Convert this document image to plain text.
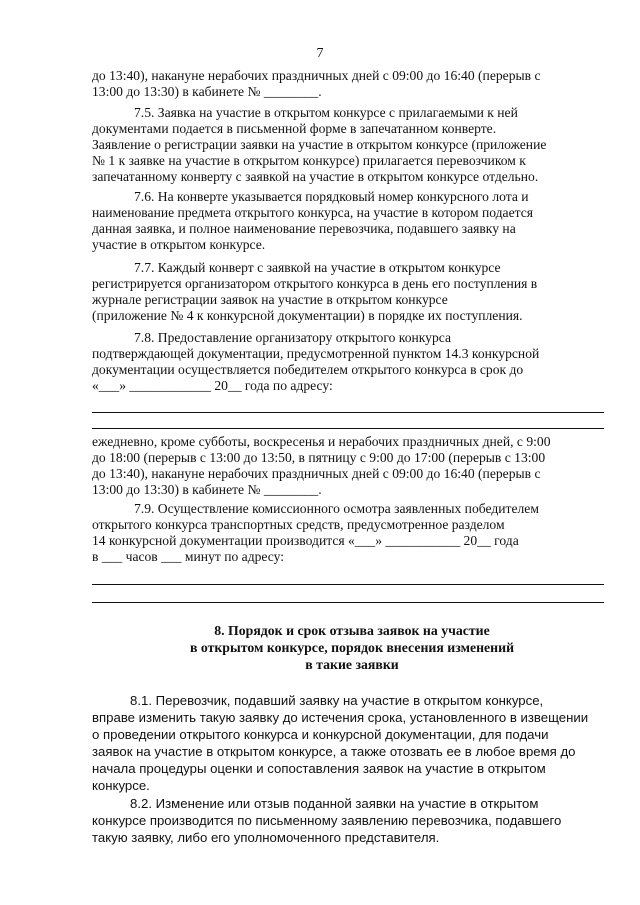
7
до 13:40), накануне нерабочих праздничных дней с 09:00 до 16:40 (перерыв с
13:00 до 13:30) в кабинете № ________.
7.5. Заявка на участие в открытом конкурсе с прилагаемыми к ней
документами подается в письменной форме в запечатанном конверте.
Заявление о регистрации заявки на участие в открытом конкурсе (приложение
№ 1 к заявке на участие в открытом конкурсе) прилагается перевозчиком к
запечатанному конверту с заявкой на участие в открытом конкурсе отдельно.
7.6. На конверте указывается порядковый номер конкурсного лота и
наименование предмета открытого конкурса, на участие в котором подается
данная заявка, и полное наименование перевозчика, подавшего заявку на
участие в открытом конкурсе.
7.7. Каждый конверт с заявкой на участие в открытом конкурсе
регистрируется организатором открытого конкурса в день его поступления в
журнале регистрации заявок на участие в открытом конкурсе
(приложение № 4 к конкурсной документации) в порядке их поступления.
7.8. Предоставление организатору открытого конкурса
подтверждающей документации, предусмотренной пунктом 14.3 конкурсной
документации осуществляется победителем открытого конкурса в срок до
«___» ____________ 20__ года по адресу:
ежедневно, кроме субботы, воскресенья и нерабочих праздничных дней, с 9:00
до 18:00 (перерыв с 13:00 до 13:50, в пятницу с 9:00 до 17:00 (перерыв с 13:00
до 13:40), накануне нерабочих праздничных дней с 09:00 до 16:40 (перерыв с
13:00 до 13:30) в кабинете № ________.
7.9. Осуществление комиссионного осмотра заявленных победителем
открытого конкурса транспортных средств, предусмотренное разделом
14 конкурсной документации производится «___» ___________ 20__ года
в ___ часов ___ минут по адресу:
8. Порядок и срок отзыва заявок на участие
в открытом конкурсе, порядок внесения изменений
в такие заявки
8.1. Перевозчик, подавший заявку на участие в открытом конкурсе,
вправе изменить такую заявку до истечения срока, установленного в извещении
о проведении открытого конкурса и конкурсной документации, для подачи
заявок на участие в открытом конкурсе, а также отозвать ее в любое время до
начала процедуры оценки и сопоставления заявок на участие в открытом
конкурсе.
8.2. Изменение или отзыв поданной заявки на участие в открытом
конкурсе производится по письменному заявлению перевозчика, подавшего
такую заявку, либо его уполномоченного представителя.
